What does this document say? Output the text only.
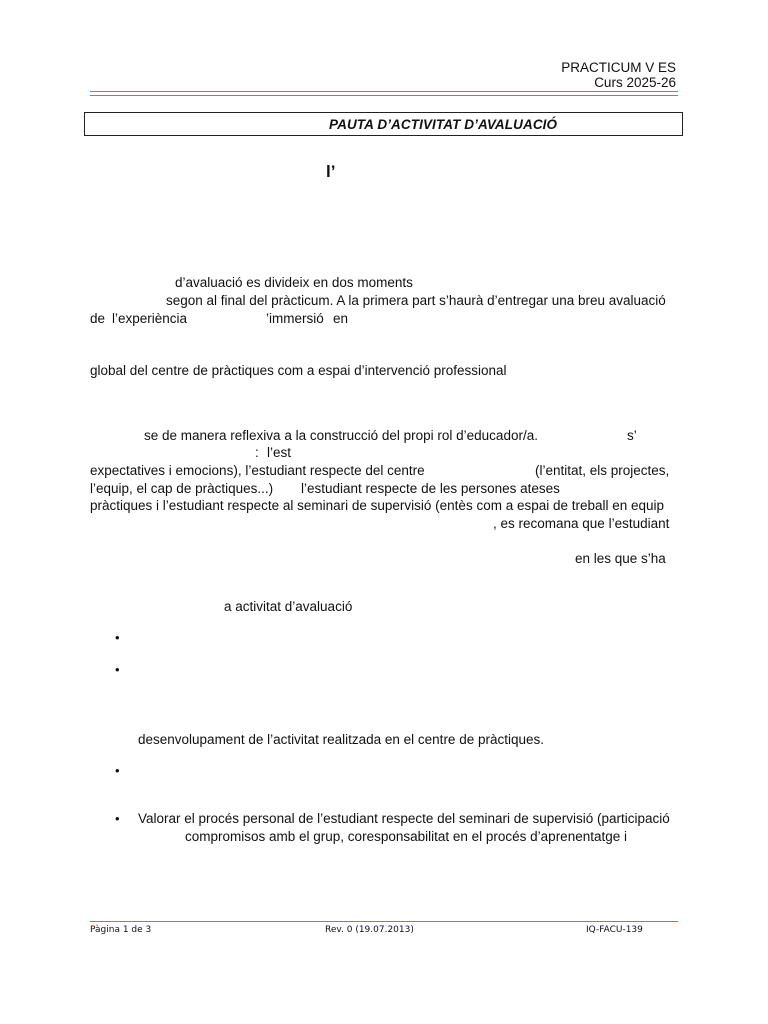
PRACTICUM V ES
Curs 2025-26
PAUTA D’ACTIVITAT D’AVALUACIÓ
l’
d’avaluació es divideix en dos moments
segon al final del pràcticum. A la primera part s’haurà d’entregar una breu avaluació
de l’experiència	’immersió en
global del centre de pràctiques com a espai d’intervenció professional
se de manera reflexiva a la construcció del propi rol d’educador/a.	s’
: l’est
expectatives i emocions), l’estudiant respecte del centre	(l’entitat, els projectes,
l’equip, el cap de pràctiques...) l’estudiant respecte de les persones ateses
pràctiques i l’estudiant respecte al seminari de supervisió (entès com a espai de treball en equip
, es recomana que l’estudiant
en les que s’ha
a activitat d’avaluació
•
•
desenvolupament de l’activitat realitzada en el centre de pràctiques.
•
• Valorar el procés personal de l’estudiant respecte del seminari de supervisió (participació
compromisos amb el grup, coresponsabilitat en el procés d’aprenentatge i
Pàgina 1 de 3	Rev. 0 (19.07.2013)	IQ-FACU-139
